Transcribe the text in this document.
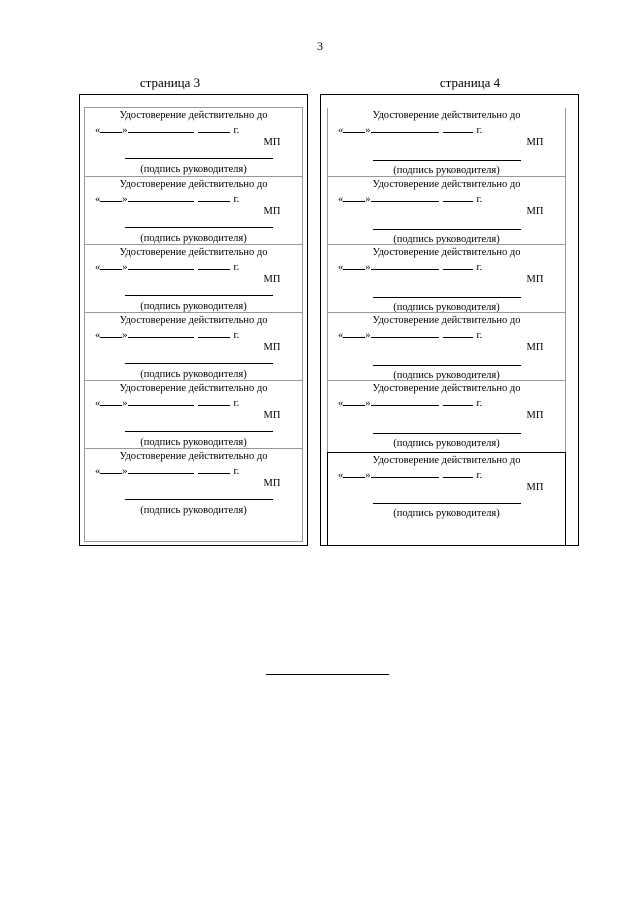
3
страница 3	страница 4
Удостоверение действительно до
« »	г.
МП
(подпись руководителя)
Удостоверение действительно до
« »	г.
МП
(подпись руководителя)
Удостоверение действительно до
« »	г.
МП
(подпись руководителя)
Удостоверение действительно до
« »	г.
МП
(подпись руководителя)
Удостоверение действительно до
« »	г.
МП
(подпись руководителя)
Удостоверение действительно до
« »	г.
МП
(подпись руководителя)
Удостоверение действительно до
« »	г.
МП
(подпись руководителя)
Удостоверение действительно до
« »	г.
МП
(подпись руководителя)
Удостоверение действительно до
« »	г.
МП
(подпись руководителя)
Удостоверение действительно до
« »	г.
МП
(подпись руководителя)
Удостоверение действительно до
« »	г.
МП
(подпись руководителя)
Удостоверение действительно до
« »	г.
МП
(подпись руководителя)
